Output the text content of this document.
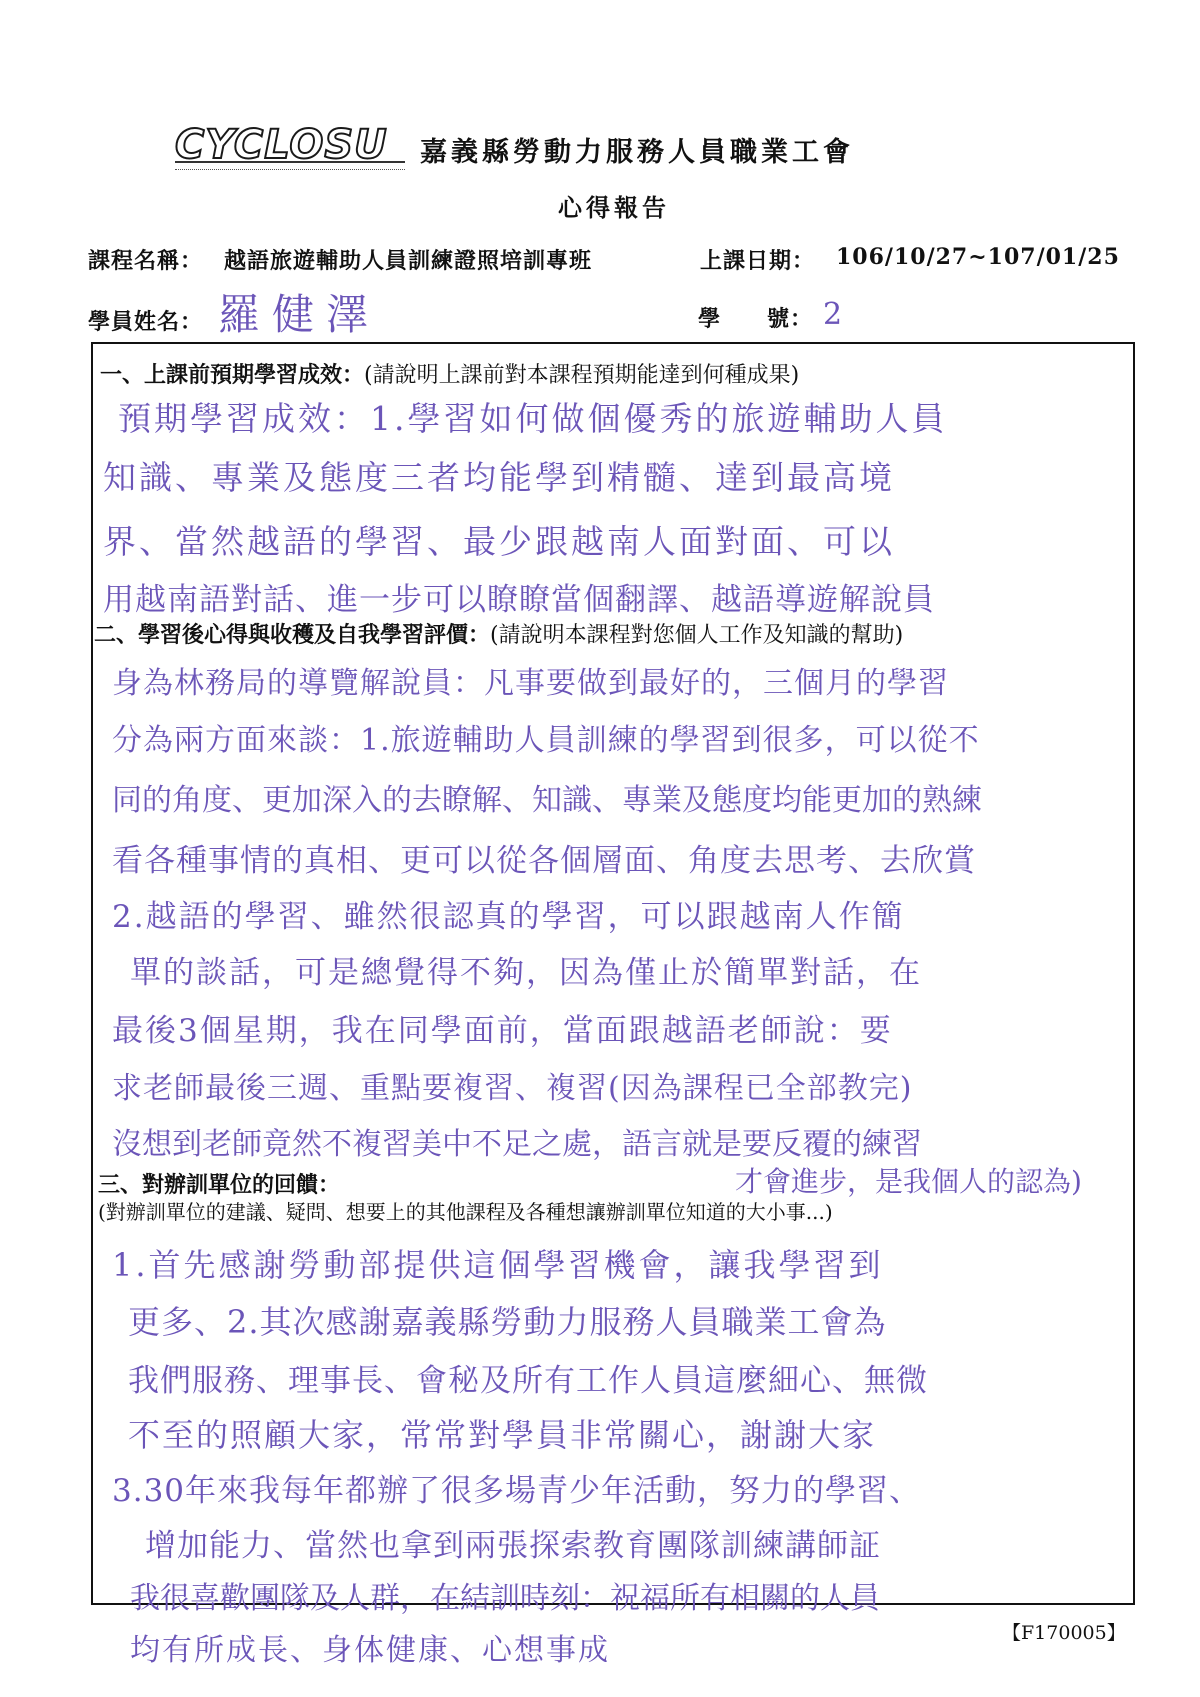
CYCLOSU 嘉義縣勞動力服務人員職業工會
心得報告
課程名稱： 越語旅遊輔助人員訓練證照培訓專班	上課日期： 106/10/27~107/01/25
學員姓名： 羅健澤	學　　號： 2
一、上課前預期學習成效：(請說明上課前對本課程預期能達到何種成果)
預期學習成效：1.學習如何做個優秀的旅遊輔助人員
知識、專業及態度三者均能學到精髓、達到最高境
界、當然越語的學習、最少跟越南人面對面、可以
用越南語對話、進一步可以瞭瞭當個翻譯、越語導遊解說員
二、學習後心得與收穫及自我學習評價：(請說明本課程對您個人工作及知識的幫助)
身為林務局的導覽解說員：凡事要做到最好的，三個月的學習
分為兩方面來談：1.旅遊輔助人員訓練的學習到很多，可以從不
同的角度、更加深入的去瞭解、知識、專業及態度均能更加的熟練
看各種事情的真相、更可以從各個層面、角度去思考、去欣賞
2.越語的學習、雖然很認真的學習，可以跟越南人作簡
單的談話，可是總覺得不夠，因為僅止於簡單對話，在
最後3個星期，我在同學面前，當面跟越語老師說：要
求老師最後三週、重點要複習、複習(因為課程已全部教完)
沒想到老師竟然不複習美中不足之處，語言就是要反覆的練習
才會進步，是我個人的認為)
三、對辦訓單位的回饋：
(對辦訓單位的建議、疑問、想要上的其他課程及各種想讓辦訓單位知道的大小事...)
1.首先感謝勞動部提供這個學習機會，讓我學習到
更多、2.其次感謝嘉義縣勞動力服務人員職業工會為
我們服務、理事長、會秘及所有工作人員這麼細心、無微
不至的照顧大家，常常對學員非常關心，謝謝大家
3.30年來我每年都辦了很多場青少年活動，努力的學習、
增加能力、當然也拿到兩張探索教育團隊訓練講師証
我很喜歡團隊及人群，在結訓時刻：祝福所有相關的人員
均有所成長、身体健康、心想事成	【F170005】
